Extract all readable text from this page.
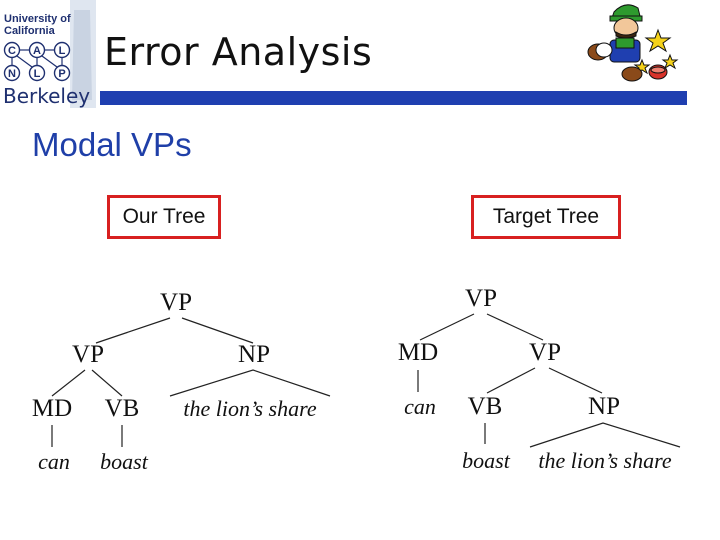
University of
California
C A L
N L P
Berkeley
Error Analysis
Modal VPs
Our Tree	Target Tree
VP
VP	NP
MD VB the lion’s share
can boast
VP
MD	VP
can VB	NP
boast the lion’s share
